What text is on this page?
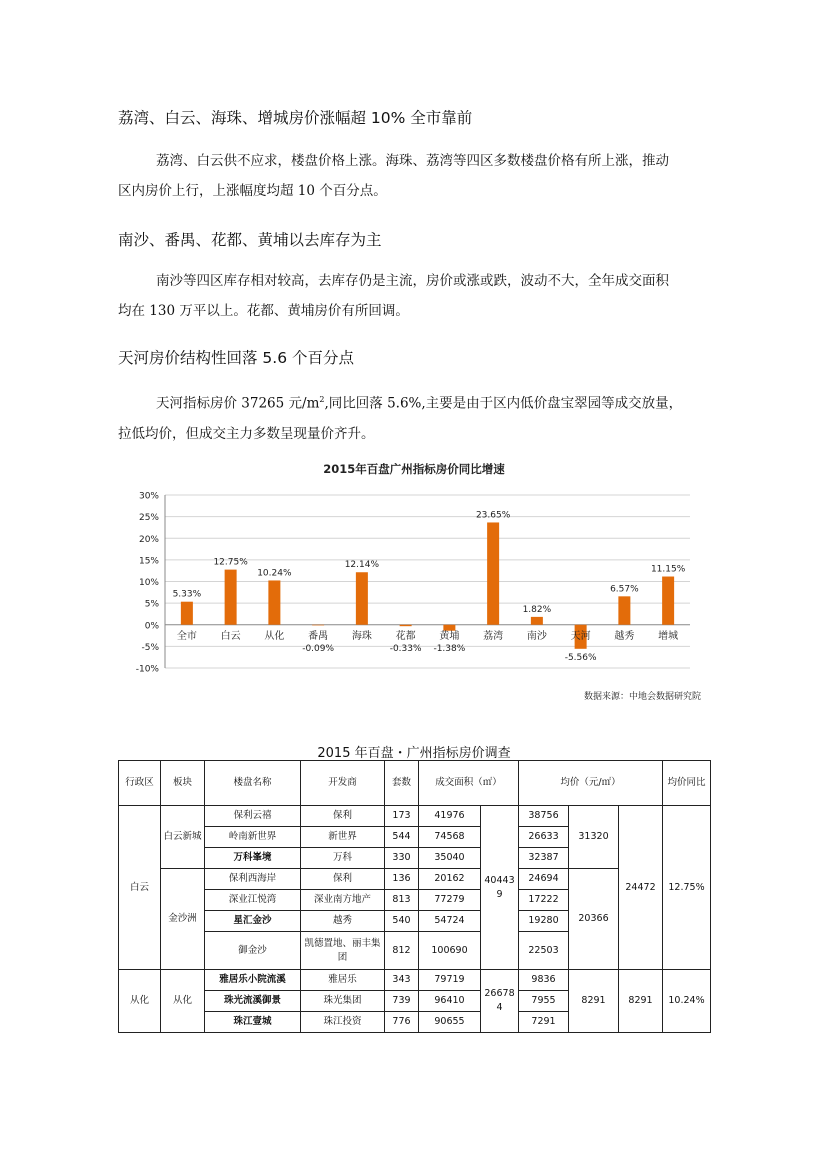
荔湾、白云、海珠、增城房价涨幅超 10% 全市靠前
荔湾、白云供不应求，楼盘价格上涨。海珠、荔湾等四区多数楼盘价格有所上涨，推动
区内房价上行，上涨幅度均超 10 个百分点。
南沙、番禺、花都、黄埔以去库存为主
南沙等四区库存相对较高，去库存仍是主流，房价或涨或跌，波动不大，全年成交面积
均在 130 万平以上。花都、黄埔房价有所回调。
天河房价结构性回落 5.6 个百分点
天河指标房价 37265 元$/m^2$,同比回落 5.6%,主要是由于区内低价盘宝翠园等成交放量，
拉低均价，但成交主力多数呈现量价齐升。
2015年百盘广州指标房价同比增速
30%
25%
20%
15%
10%
5%
0%
-5%
-10%
全市
5.33%
白云
12.75%
从化
10.24%
番禺
-0.09%
海珠
12.14%
花都
-0.33%
黄埔
-1.38%
荔湾
23.65%
南沙
1.82%
天河
-5.56%
越秀
6.57%
增城
11.15%
数据来源：中地会数据研究院
2015 年百盘・广州指标房价调查
行政区	板块	楼盘名称	开发商	套数	成交面积（㎡）		均价（元/㎡）			均价同比
白云	白云新城	保利云禧	保利	173	41976	404439	38756	31320	24472	12.75%
		岭南新世界	新世界	544	74568		26633			
		万科峯境	万科	330	35040		32387			
	金沙洲	保利西海岸	保利	136	20162		24694	20366		
		深业江悦湾	深业南方地产	813	77279		17222			
		星汇金沙	越秀	540	54724		19280			
		御金沙	凯德置地、丽丰集团	812	100690		22503			
从化	从化	雅居乐小院流溪	雅居乐	343	79719	266784	9836	8291	8291	10.24%
		珠光流溪御景	珠光集团	739	96410		7955			
		珠江壹城	珠江投资	776	90655		7291			
